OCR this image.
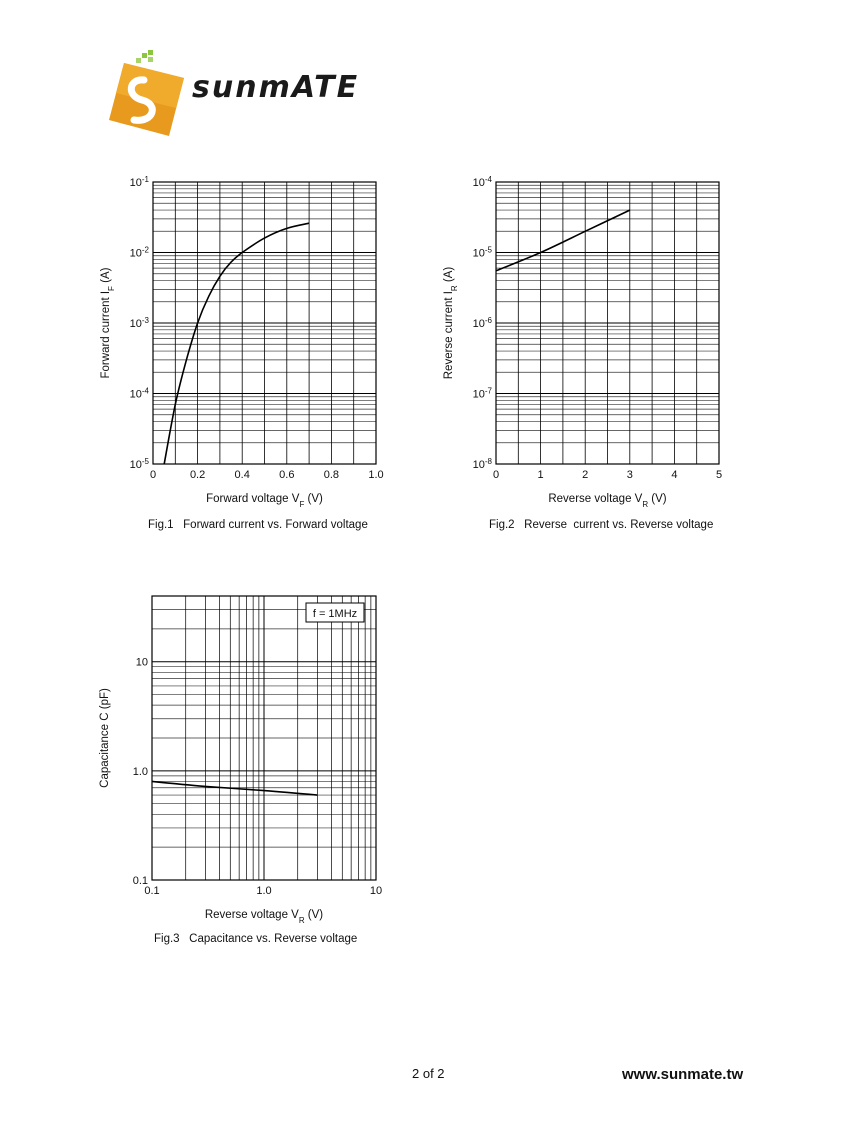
sunmATE
0	0.2	0.4	0.6	0.8	1.0
$10^{-5}$
$10^{-4}$
$10^{-3}$
$10^{-2}$
$10^{-1}$
Forward voltage $V_F$ (V)
Forward current $I_F$ (A)
Fig.1   Forward current vs. Forward voltage
0	1	2	3	4	5
$10^{-8}$
$10^{-7}$
$10^{-6}$
$10^{-5}$
$10^{-4}$
Reverse voltage $V_R$ (V)
Reverse current $I_R$ (A)
Fig.2   Reverse  current vs. Reverse voltage
0.1	1.0	10
0.1
1.0
10
Reverse voltage $V_R$ (V)
Capacitance C (pF)
f = 1MHz
Fig.3   Capacitance vs. Reverse voltage
2 of 2	www.sunmate.tw
